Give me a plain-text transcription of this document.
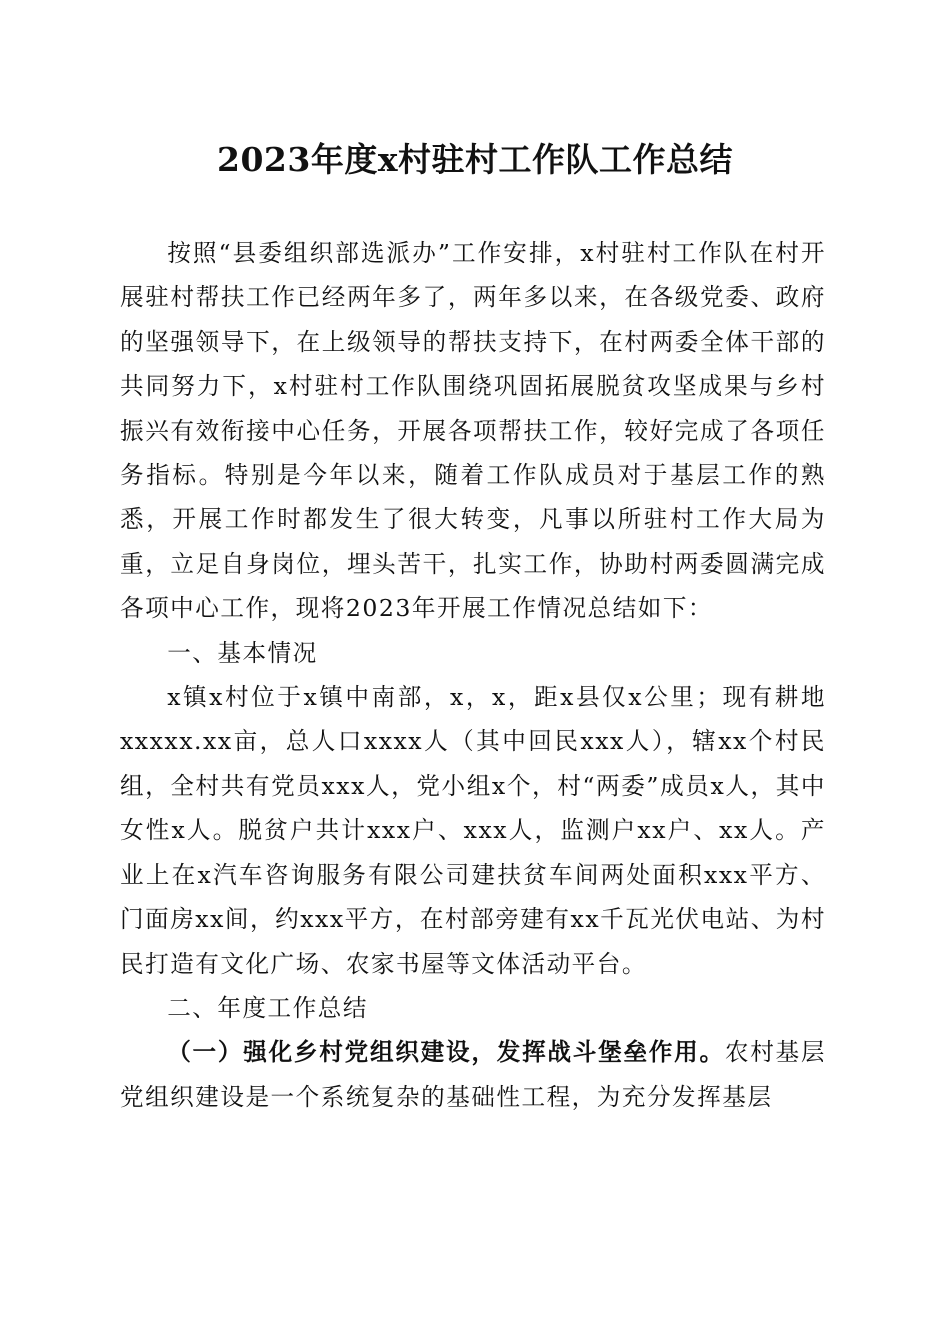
2023年度x村驻村工作队工作总结

按照“县委组织部选派办”工作安排，x村驻村工作队在村开展驻村帮扶工作已经两年多了，两年多以来，在各级党委、政府的坚强领导下，在上级领导的帮扶支持下，在村两委全体干部的共同努力下，x村驻村工作队围绕巩固拓展脱贫攻坚成果与乡村振兴有效衔接中心任务，开展各项帮扶工作，较好完成了各项任务指标。特别是今年以来，随着工作队成员对于基层工作的熟悉，开展工作时都发生了很大转变，凡事以所驻村工作大局为重，立足自身岗位，埋头苦干，扎实工作，协助村两委圆满完成各项中心工作，现将2023年开展工作情况总结如下：

一、基本情况

x镇x村位于x镇中南部，x，x，距x县仅x公里；现有耕地xxxxx.xx亩，总人口xxxx人（其中回民xxx人），辖xx个村民组，全村共有党员xxx人，党小组x个，村“两委”成员x人，其中女性x人。脱贫户共计xxx户、xxx人，监测户xx户、xx人。产业上在x汽车咨询服务有限公司建扶贫车间两处面积xxx平方、门面房xx间，约xxx平方，在村部旁建有xx千瓦光伏电站、为村民打造有文化广场、农家书屋等文体活动平台。

二、年度工作总结

（一）强化乡村党组织建设，发挥战斗堡垒作用。农村基层党组织建设是一个系统复杂的基础性工程，为充分发挥基层
